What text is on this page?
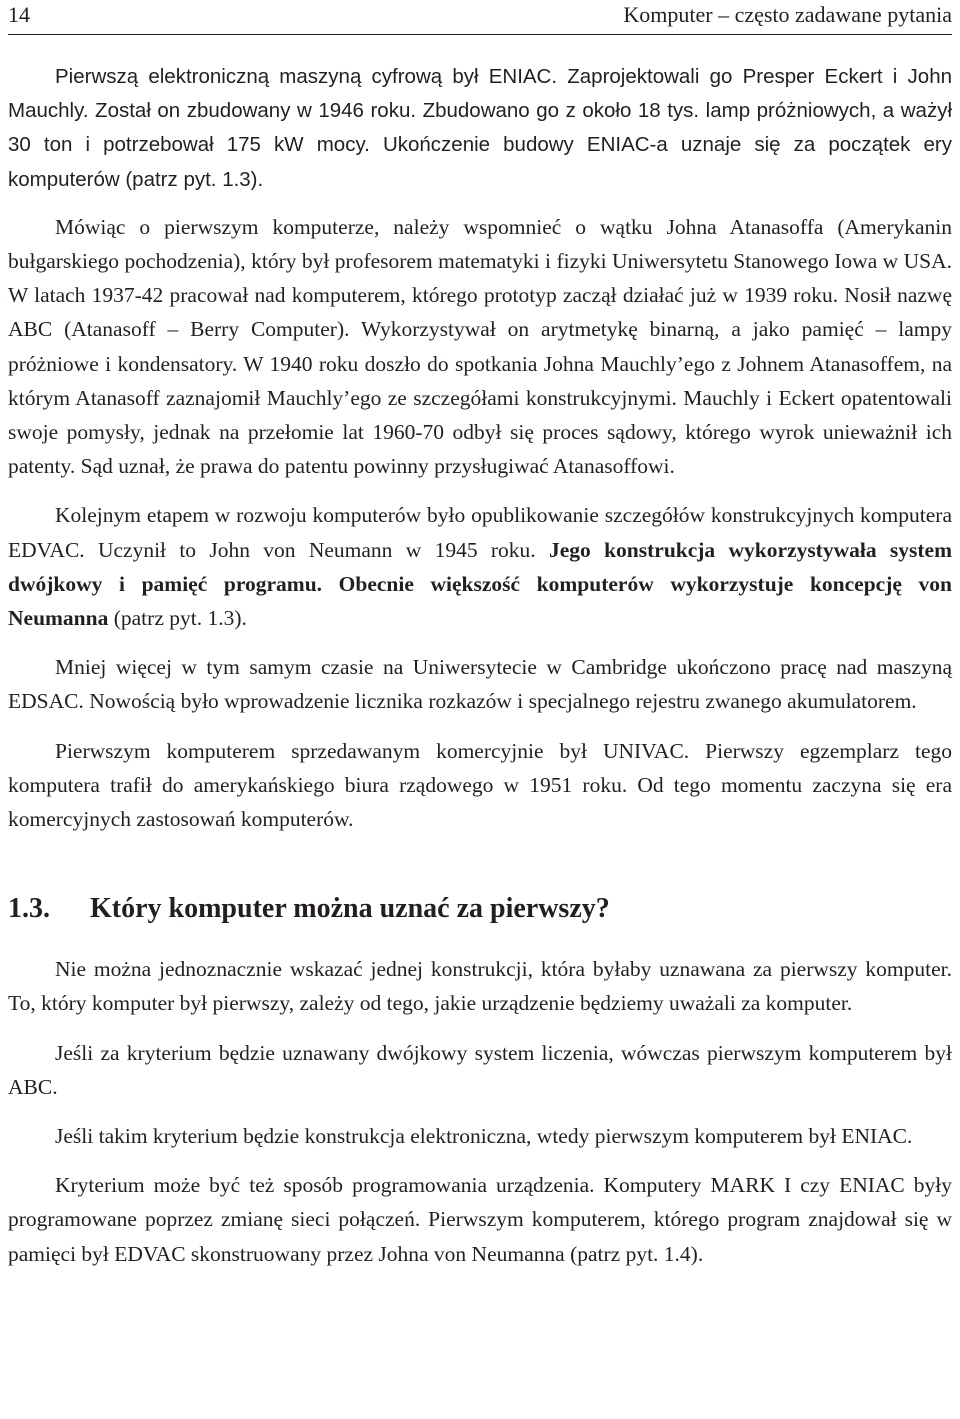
14	Komputer – często zadawane pytania

Pierwszą elektroniczną maszyną cyfrową był ENIAC. Zaprojektowali go Presper Eckert i John Mauchly. Został on zbudowany w 1946 roku. Zbudowano go z około 18 tys. lamp próżniowych, a ważył 30 ton i potrzebował 175 kW mocy. Ukończenie budowy ENIAC-a uznaje się za początek ery komputerów (patrz pyt. 1.3).

Mówiąc o pierwszym komputerze, należy wspomnieć o wątku Johna Atanasoffa (Amerykanin bułgarskiego pochodzenia), który był profesorem matematyki i fizyki Uniwersytetu Stanowego Iowa w USA. W latach 1937-42 pracował nad komputerem, którego prototyp zaczął działać już w 1939 roku. Nosił nazwę ABC (Atanasoff – Berry Computer). Wykorzystywał on arytmetykę binarną, a jako pamięć – lampy próżniowe i kondensatory. W 1940 roku doszło do spotkania Johna Mauchly’ego z Johnem Atanasoffem, na którym Atanasoff zaznajomił Mauchly’ego ze szczegółami konstrukcyjnymi. Mauchly i Eckert opatentowali swoje pomysły, jednak na przełomie lat 1960-70 odbył się proces sądowy, którego wyrok unieważnił ich patenty. Sąd uznał, że prawa do patentu powinny przysługiwać Atanasoffowi.

Kolejnym etapem w rozwoju komputerów było opublikowanie szczegółów konstrukcyjnych komputera EDVAC. Uczynił to John von Neumann w 1945 roku. Jego konstrukcja wykorzystywała system dwójkowy i pamięć programu. Obecnie większość komputerów wykorzystuje koncepcję von Neumanna (patrz pyt. 1.3).

Mniej więcej w tym samym czasie na Uniwersytecie w Cambridge ukończono pracę nad maszyną EDSAC. Nowością było wprowadzenie licznika rozkazów i specjalnego rejestru zwanego akumulatorem.

Pierwszym komputerem sprzedawanym komercyjnie był UNIVAC. Pierwszy egzemplarz tego komputera trafił do amerykańskiego biura rządowego w 1951 roku. Od tego momentu zaczyna się era komercyjnych zastosowań komputerów.

1.3. Który komputer można uznać za pierwszy?

Nie można jednoznacznie wskazać jednej konstrukcji, która byłaby uznawana za pierwszy komputer. To, który komputer był pierwszy, zależy od tego, jakie urządzenie będziemy uważali za komputer.

Jeśli za kryterium będzie uznawany dwójkowy system liczenia, wówczas pierwszym komputerem był ABC.

Jeśli takim kryterium będzie konstrukcja elektroniczna, wtedy pierwszym komputerem był ENIAC.

Kryterium może być też sposób programowania urządzenia. Komputery MARK I czy ENIAC były programowane poprzez zmianę sieci połączeń. Pierwszym komputerem, którego program znajdował się w pamięci był EDVAC skonstruowany przez Johna von Neumanna (patrz pyt. 1.4).
